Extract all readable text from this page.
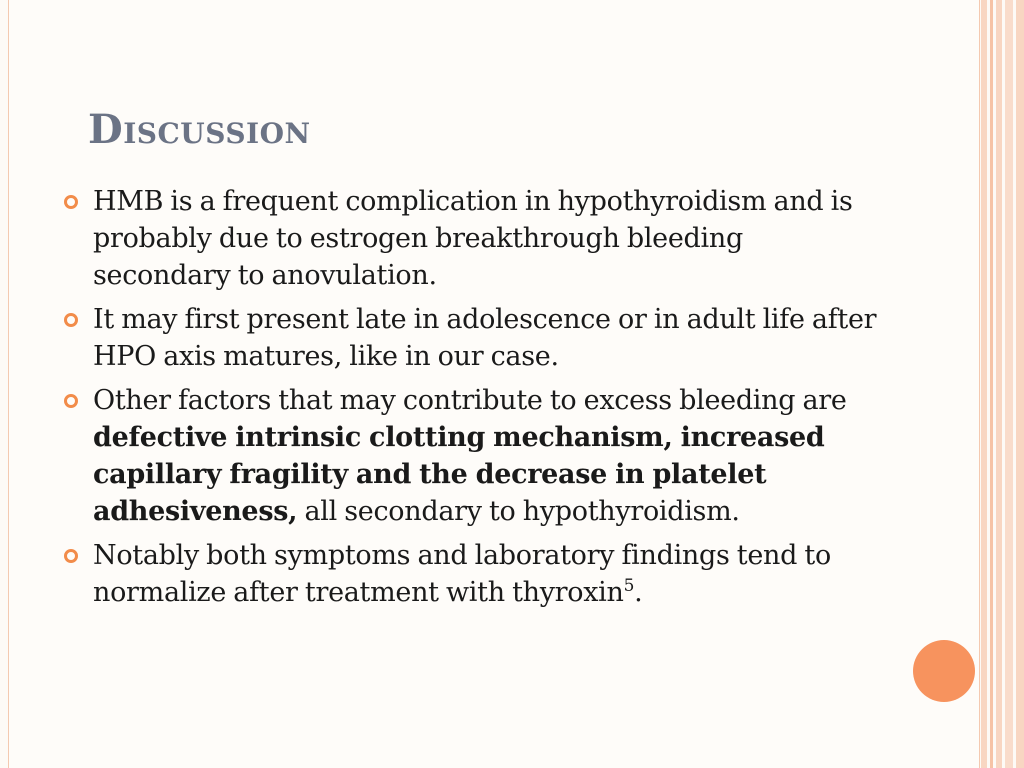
Discussion
HMB is a frequent complication in hypothyroidism and is probably due to estrogen breakthrough bleeding secondary to anovulation.
It may first present late in adolescence or in adult life after HPO axis matures, like in our case.
Other factors that may contribute to excess bleeding are defective intrinsic clotting mechanism, increased capillary fragility and the decrease in platelet adhesiveness, all secondary to hypothyroidism.
Notably both symptoms and laboratory findings tend to normalize after treatment with thyroxin$^5$.
